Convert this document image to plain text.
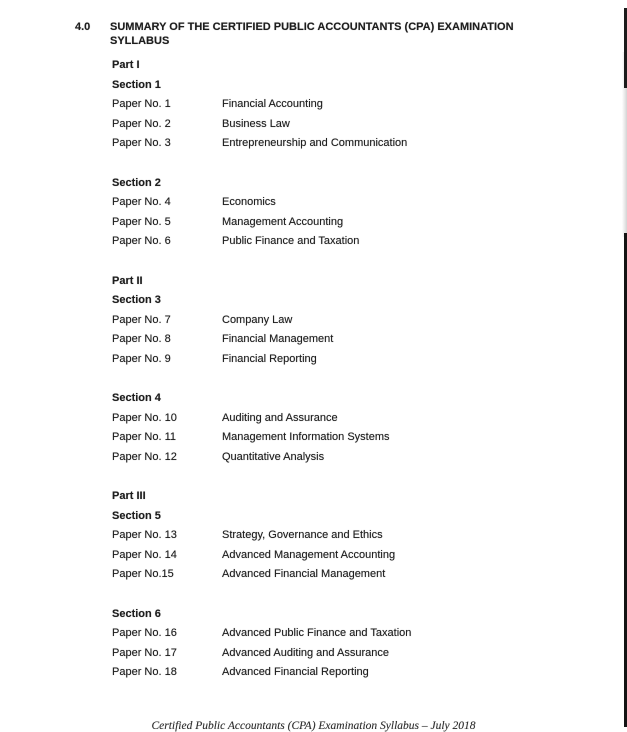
4.0	SUMMARY OF THE CERTIFIED PUBLIC ACCOUNTANTS (CPA) EXAMINATION
SYLLABUS
Part I
Section 1
Paper No. 1	Financial Accounting
Paper No. 2	Business Law
Paper No. 3	Entrepreneurship and Communication
Section 2
Paper No. 4	Economics
Paper No. 5	Management Accounting
Paper No. 6	Public Finance and Taxation
Part II
Section 3
Paper No. 7	Company Law
Paper No. 8	Financial Management
Paper No. 9	Financial Reporting
Section 4
Paper No. 10	Auditing and Assurance
Paper No. 11	Management Information Systems
Paper No. 12	Quantitative Analysis
Part III
Section 5
Paper No. 13	Strategy, Governance and Ethics
Paper No. 14	Advanced Management Accounting
Paper No.15	Advanced Financial Management
Section 6
Paper No. 16	Advanced Public Finance and Taxation
Paper No. 17	Advanced Auditing and Assurance
Paper No. 18	Advanced Financial Reporting
Certified Public Accountants (CPA) Examination Syllabus – July 2018
